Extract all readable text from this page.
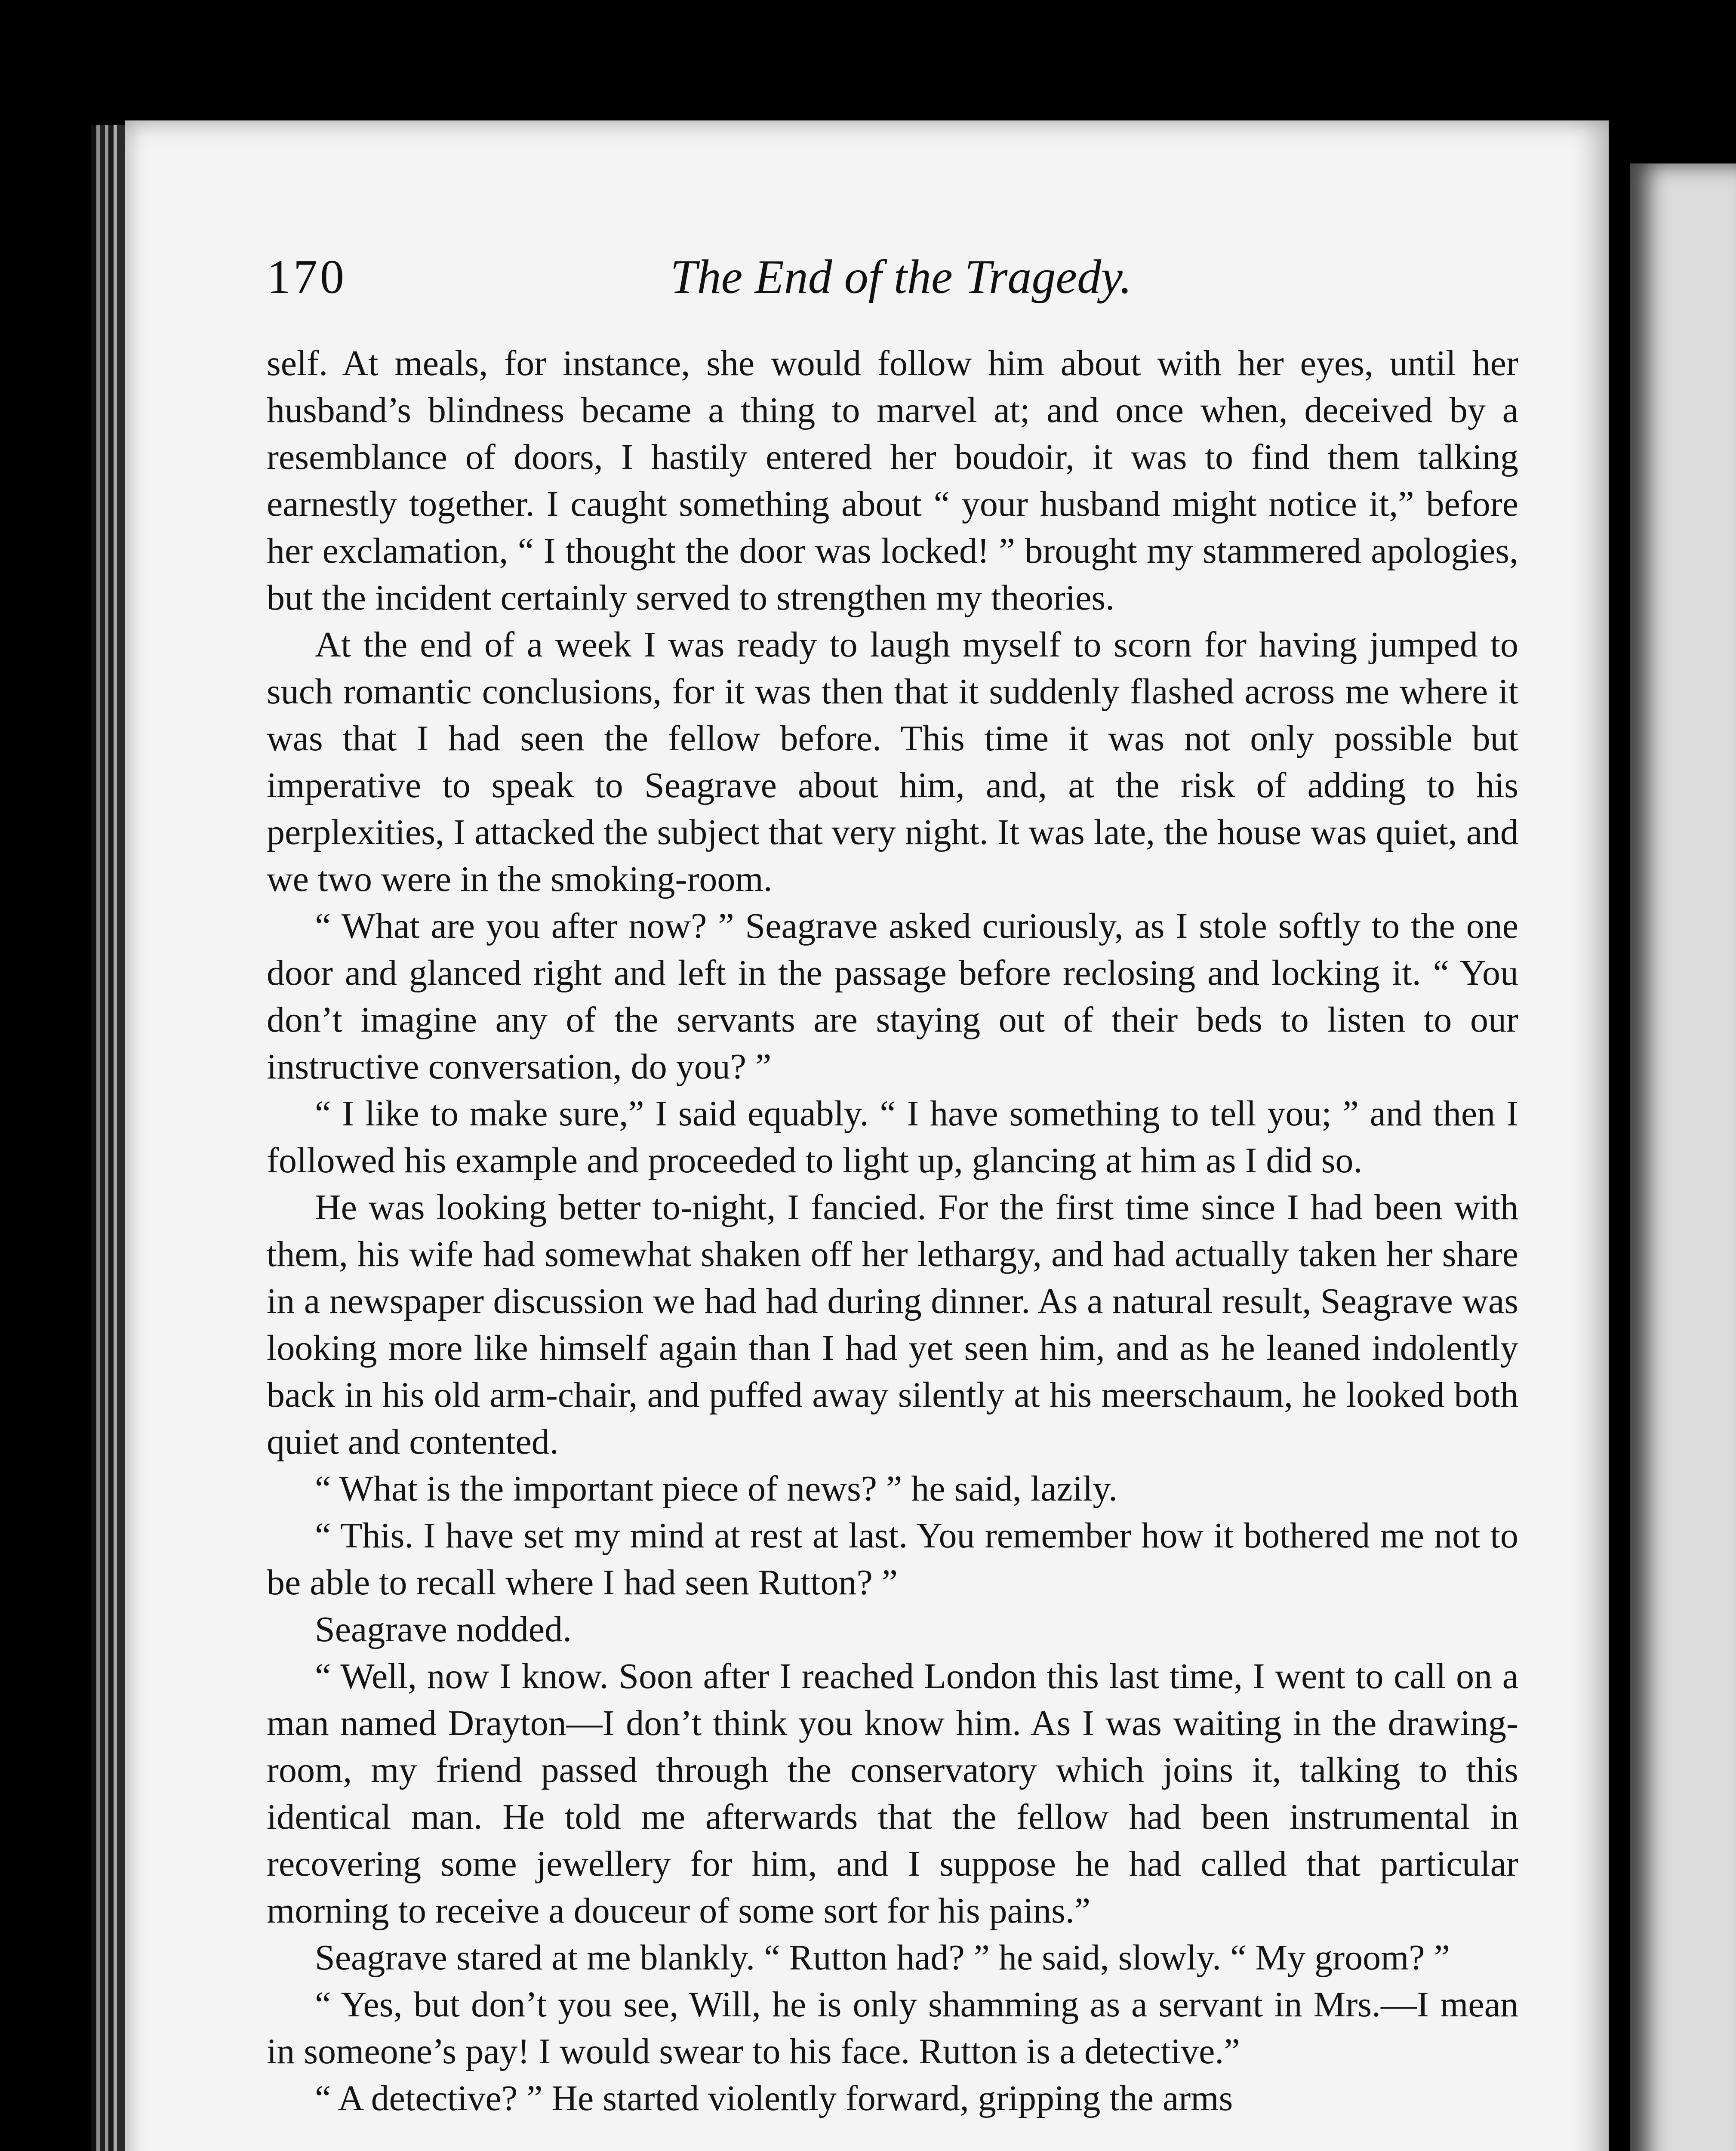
170	The End of the Tragedy.

self. At meals, for instance, she would follow him about with her eyes, until her husband’s blindness became a thing to marvel at; and once when, deceived by a resemblance of doors, I hastily entered her boudoir, it was to find them talking earnestly together. I caught something about “ your husband might notice it,” before her exclamation, “ I thought the door was locked! ” brought my stammered apologies, but the incident certainly served to strengthen my theories.

At the end of a week I was ready to laugh myself to scorn for having jumped to such romantic conclusions, for it was then that it suddenly flashed across me where it was that I had seen the fellow before. This time it was not only possible but imperative to speak to Seagrave about him, and, at the risk of adding to his perplexities, I attacked the subject that very night. It was late, the house was quiet, and we two were in the smoking-room.

“ What are you after now? ” Seagrave asked curiously, as I stole softly to the one door and glanced right and left in the passage before reclosing and locking it. “ You don’t imagine any of the servants are staying out of their beds to listen to our instructive conversation, do you? ”

“ I like to make sure,” I said equably. “ I have something to tell you; ” and then I followed his example and proceeded to light up, glancing at him as I did so.

He was looking better to-night, I fancied. For the first time since I had been with them, his wife had somewhat shaken off her lethargy, and had actually taken her share in a newspaper discussion we had had during dinner. As a natural result, Seagrave was looking more like himself again than I had yet seen him, and as he leaned indolently back in his old arm-chair, and puffed away silently at his meerschaum, he looked both quiet and contented.

“ What is the important piece of news? ” he said, lazily.

“ This. I have set my mind at rest at last. You remember how it bothered me not to be able to recall where I had seen Rutton? ”

Seagrave nodded.

“ Well, now I know. Soon after I reached London this last time, I went to call on a man named Drayton—I don’t think you know him. As I was waiting in the drawing-room, my friend passed through the conservatory which joins it, talking to this identical man. He told me afterwards that the fellow had been instrumental in recovering some jewellery for him, and I suppose he had called that particular morning to receive a douceur of some sort for his pains.”

Seagrave stared at me blankly. “ Rutton had? ” he said, slowly. “ My groom? ”

“ Yes, but don’t you see, Will, he is only shamming as a servant in Mrs.—I mean in someone’s pay! I would swear to his face. Rutton is a detective.”

“ A detective? ” He started violently forward, gripping the arms
